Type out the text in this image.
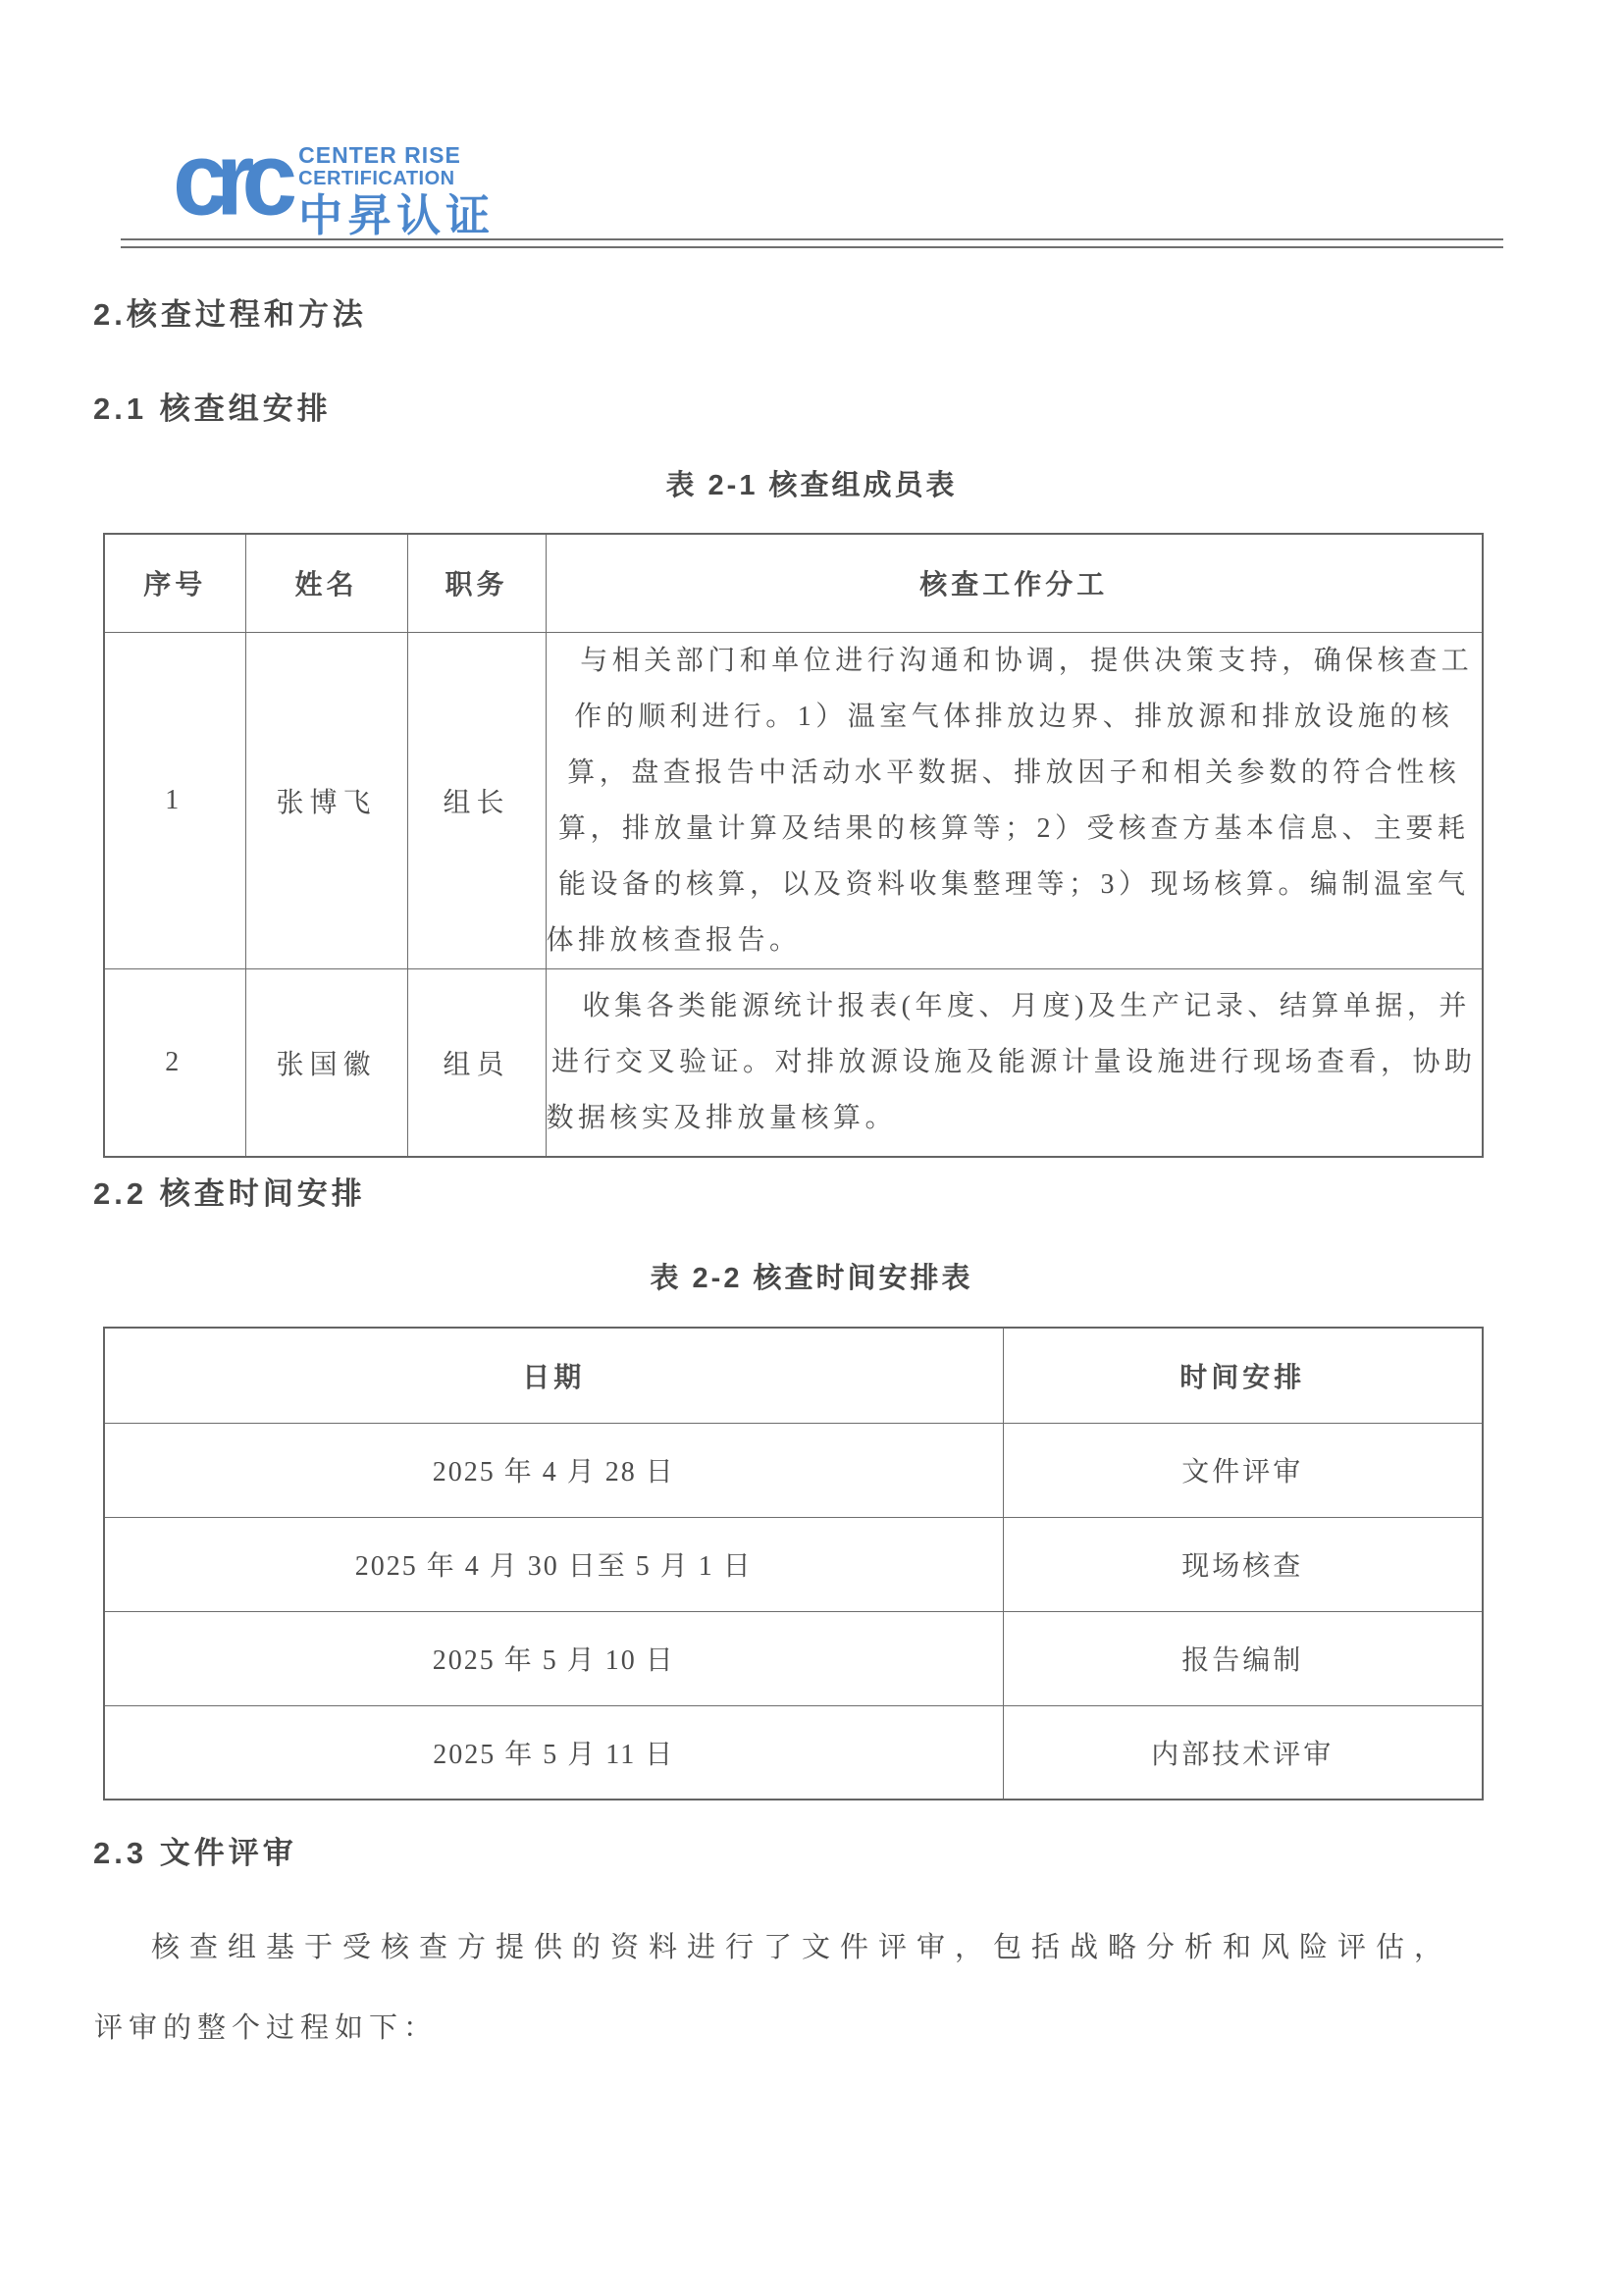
crc CENTER RISE
CERTIFICATION
中昇认证
2.核查过程和方法
2.1 核查组安排
表 2-1 核查组成员表
序号	姓名	职务	核查工作分工
1	张博飞	组长	与相关部门和单位进行沟通和协调，提供决策支持，确保核查工作的顺利进行。1）温室气体排放边界、排放源和排放设施的核算，盘查报告中活动水平数据、排放因子和相关参数的符合性核算，排放量计算及结果的核算等；2）受核查方基本信息、主要耗能设备的核算，以及资料收集整理等；3）现场核算。编制温室气体排放核查报告。
2	张国徽	组员	收集各类能源统计报表(年度、月度)及生产记录、结算单据，并进行交叉验证。对排放源设施及能源计量设施进行现场查看，协助数据核实及排放量核算。
2.2 核查时间安排
表 2-2 核查时间安排表
日期	时间安排
2025 年 4 月 28 日	文件评审
2025 年 4 月 30 日至 5 月 1 日	现场核查
2025 年 5 月 10 日	报告编制
2025 年 5 月 11 日	内部技术评审
2.3 文件评审

核查组基于受核查方提供的资料进行了文件评审，包括战略分析和风险评估，
评审的整个过程如下：
